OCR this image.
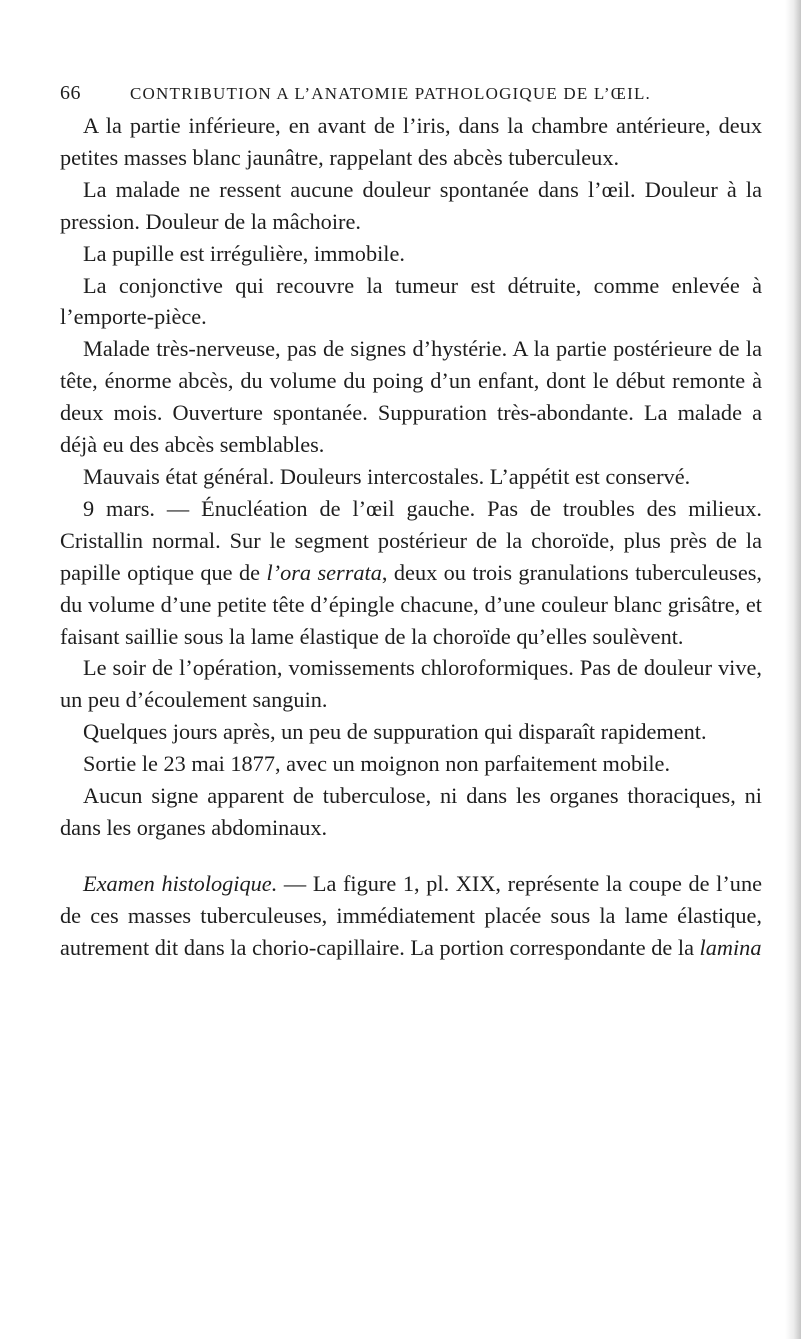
66	CONTRIBUTION A L’ANATOMIE PATHOLOGIQUE DE L’ŒIL.

A la partie inférieure, en avant de l’iris, dans la chambre antérieure, deux petites masses blanc jaunâtre, rappelant des abcès tuberculeux.

La malade ne ressent aucune douleur spontanée dans l’œil. Douleur à la pression. Douleur de la mâchoire.

La pupille est irrégulière, immobile.

La conjonctive qui recouvre la tumeur est détruite, comme enlevée à l’emporte-pièce.

Malade très-nerveuse, pas de signes d’hystérie. A la partie postérieure de la tête, énorme abcès, du volume du poing d’un enfant, dont le début remonte à deux mois. Ouverture spontanée. Suppuration très-abondante. La malade a déjà eu des abcès semblables.

Mauvais état général. Douleurs intercostales. L’appétit est conservé.

9 mars. — Énucléation de l’œil gauche. Pas de troubles des milieux. Cristallin normal. Sur le segment postérieur de la choroïde, plus près de la papille optique que de l’ora serrata, deux ou trois granulations tuberculeuses, du volume d’une petite tête d’épingle chacune, d’une couleur blanc grisâtre, et faisant saillie sous la lame élastique de la choroïde qu’elles soulèvent.

Le soir de l’opération, vomissements chloroformiques. Pas de douleur vive, un peu d’écoulement sanguin.

Quelques jours après, un peu de suppuration qui disparaît rapidement.

Sortie le 23 mai 1877, avec un moignon non parfaitement mobile.

Aucun signe apparent de tuberculose, ni dans les organes thoraciques, ni dans les organes abdominaux.

Examen histologique. — La figure 1, pl. XIX, représente la coupe de l’une de ces masses tuberculeuses, immédiatement placée sous la lame élastique, autrement dit dans la chorio-capillaire. La portion correspondante de la lamina
